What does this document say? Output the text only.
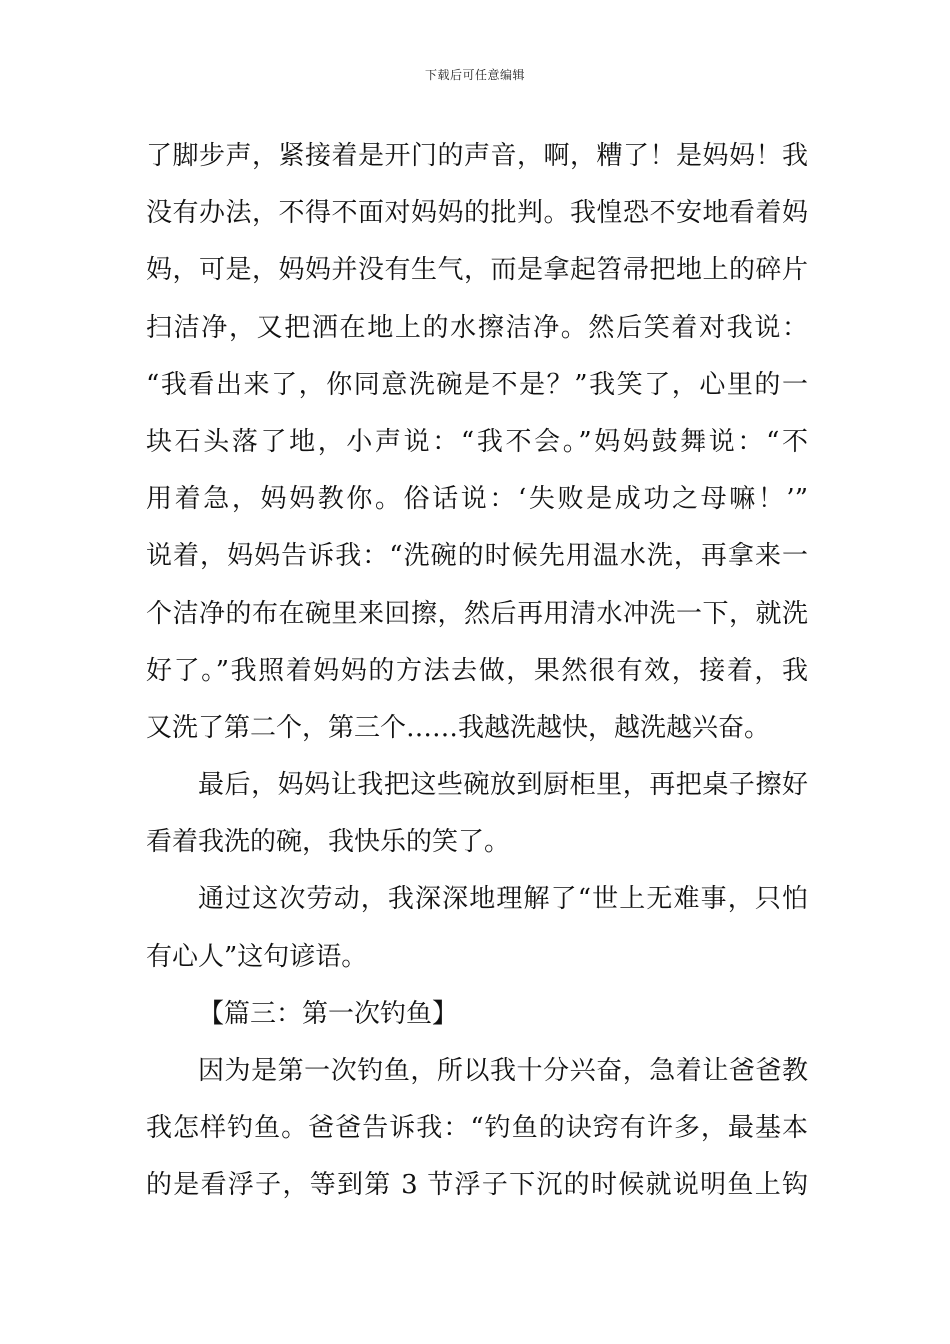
下载后可任意编辑
了脚步声，紧接着是开门的声音，啊，糟了！是妈妈！我
没有办法，不得不面对妈妈的批判。我惶恐不安地看着妈
妈，可是，妈妈并没有生气，而是拿起笤帚把地上的碎片
扫洁净，又把洒在地上的水擦洁净。然后笑着对我说：
“我看出来了，你同意洗碗是不是？”我笑了，心里的一
块石头落了地，小声说：“我不会。”妈妈鼓舞说：“不
用着急，妈妈教你。俗话说：‘失败是成功之母嘛！’”
说着，妈妈告诉我：“洗碗的时候先用温水洗，再拿来一
个洁净的布在碗里来回擦，然后再用清水冲洗一下，就洗
好了。”我照着妈妈的方法去做，果然很有效，接着，我
又洗了第二个，第三个……我越洗越快，越洗越兴奋。
最后，妈妈让我把这些碗放到厨柜里，再把桌子擦好
看着我洗的碗，我快乐的笑了。
通过这次劳动，我深深地理解了“世上无难事，只怕
有心人”这句谚语。
【篇三：第一次钓鱼】
因为是第一次钓鱼，所以我十分兴奋，急着让爸爸教
我怎样钓鱼。爸爸告诉我：“钓鱼的诀窍有许多，最基本
的是看浮子，等到第 3 节浮子下沉的时候就说明鱼上钩
